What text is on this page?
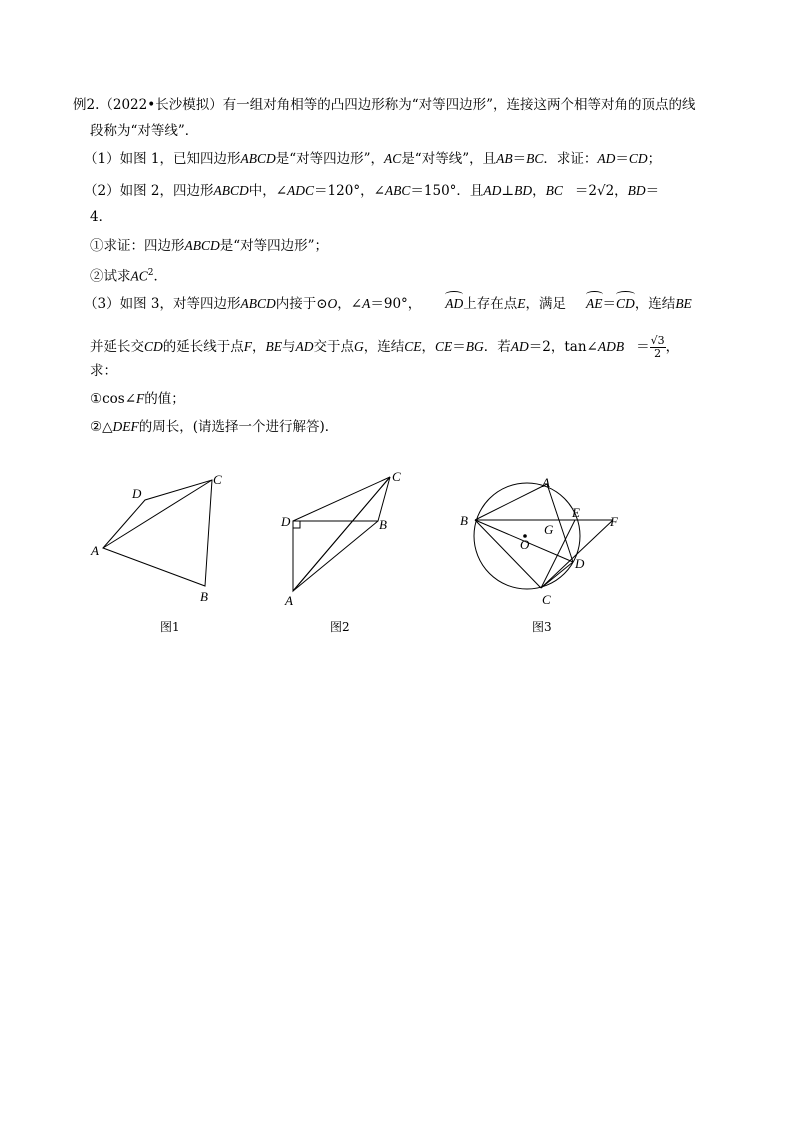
例2.（2022•长沙模拟）有一组对角相等的凸四边形称为“对等四边形”，连接这两个相等对角的顶点的线
段称为“对等线”．
（1）如图 1，已知四边形ABCD是“对等四边形”，AC是“对等线”，且AB＝BC．求证：AD＝CD；
（2）如图 2，四边形ABCD中，∠ADC＝120°，∠ABC＝150°．且AD⊥BD，BC ＝2√2，BD＝
4．
①求证：四边形ABCD是“对等四边形”；
②试求$AC^2$．
（3）如图 3，对等四边形ABCD内接于⊙O，∠A＝90°， AD上存在点E，满足 AE＝CD，连结BE
并延长交CD的延长线于点F，BE与AD交于点G，连结CE，CE＝BG．若AD＝2，tan∠ADB ＝ $\frac{√3}{2}$ ，
求：
①cos∠F的值；
②△DEF的周长，(请选择一个进行解答)．
A
B
C
D
图1
D	B
C
A
图2
A
B
C
D
E
F
G
O
图3
